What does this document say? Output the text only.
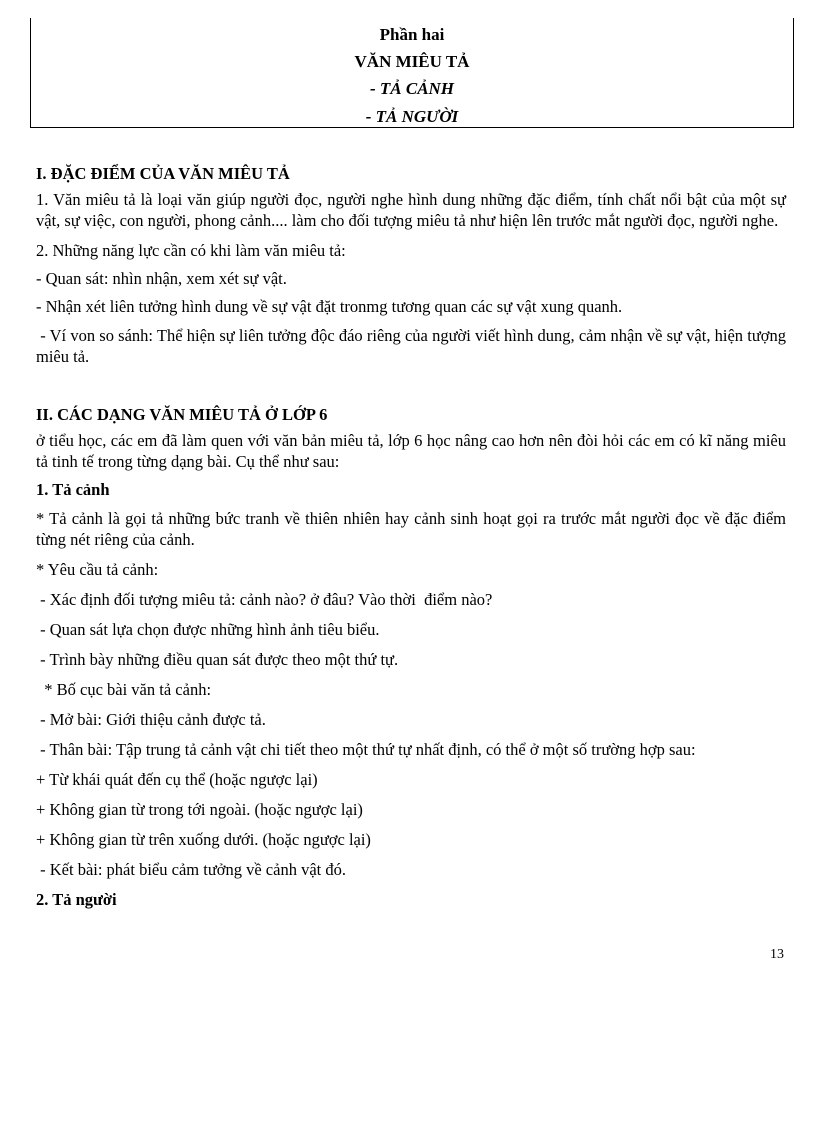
Phần hai
VĂN MIÊU TẢ
- TẢ CẢNH
- TẢ NGƯỜI

I. ĐẶC ĐIỂM CỦA VĂN MIÊU TẢ

1. Văn miêu tả là loại văn giúp người đọc, người nghe hình dung những đặc điểm, tính chất nổi bật của một sự vật, sự việc, con người, phong cảnh.... làm cho đối tượng miêu tả như hiện lên trước mắt người đọc, người nghe.

2. Những năng lực cần có khi làm văn miêu tả:

- Quan sát: nhìn nhận, xem xét sự vật.

- Nhận xét liên tưởng hình dung về sự vật đặt tronmg tương quan các sự vật xung quanh.

- Ví von so sánh: Thể hiện sự liên tưởng độc đáo riêng của người viết hình dung, cảm nhận về sự vật, hiện tượng miêu tả.

II. CÁC DẠNG VĂN MIÊU TẢ Ở LỚP 6

ở tiểu học, các em đã làm quen với văn bản miêu tả, lớp 6 học nâng cao hơn nên đòi hỏi các em có kĩ năng miêu tả tinh tế trong từng dạng bài. Cụ thể như sau:

1. Tả cảnh

* Tả cảnh là gọi tả những bức tranh về thiên nhiên hay cảnh sinh hoạt gọi ra trước mắt người đọc về đặc điểm từng nét riêng của cảnh.

* Yêu cầu tả cảnh:

- Xác định đối tượng miêu tả: cảnh nào? ở đâu? Vào thời  điểm nào?

- Quan sát lựa chọn được những hình ảnh tiêu biểu.

- Trình bày những điều quan sát được theo một thứ tự.

* Bố cục bài văn tả cảnh:

- Mở bài: Giới thiệu cảnh được tả.

- Thân bài: Tập trung tả cảnh vật chi tiết theo một thứ tự nhất định, có thể ở một số trường hợp sau:

+ Từ khái quát đến cụ thể (hoặc ngược lại)

+ Không gian từ trong tới ngoài. (hoặc ngược lại)

+ Không gian từ trên xuống dưới. (hoặc ngược lại)

- Kết bài: phát biểu cảm tưởng về cảnh vật đó.

2. Tả người

13
